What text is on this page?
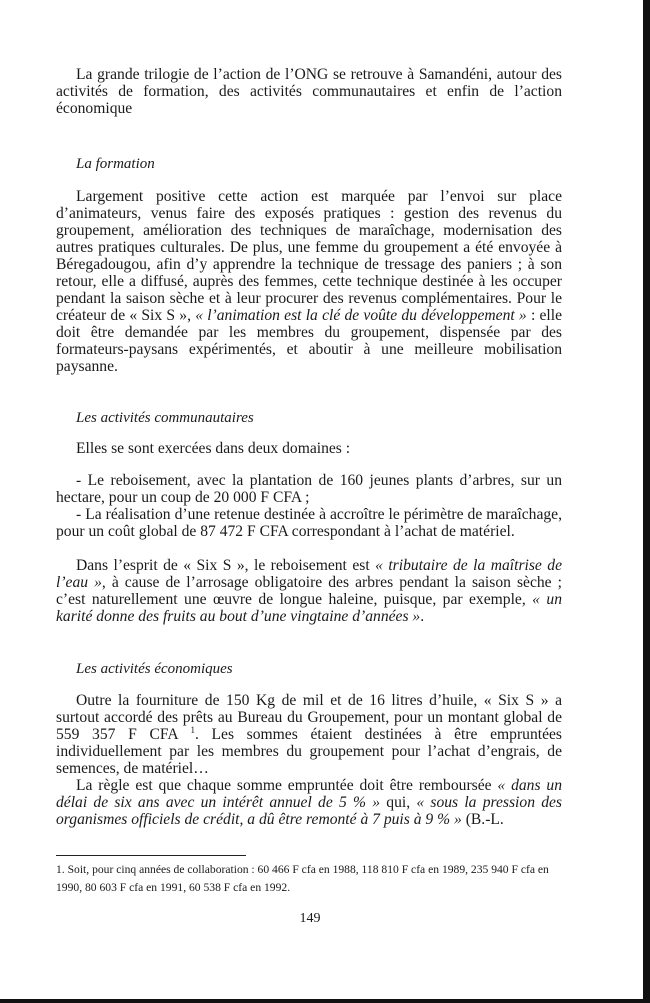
La grande trilogie de l’action de l’ONG se retrouve à Samandéni, autour des activités de formation, des activités communautaires et enfin de l’action économique

La formation

Largement positive cette action est marquée par l’envoi sur place d’animateurs, venus faire des exposés pratiques : gestion des revenus du groupement, amélioration des techniques de maraîchage, modernisation des autres pratiques culturales. De plus, une femme du groupement a été envoyée à Béregadougou, afin d’y apprendre la technique de tressage des paniers ; à son retour, elle a diffusé, auprès des femmes, cette technique destinée à les occuper pendant la saison sèche et à leur procurer des revenus complémentaires. Pour le créateur de « Six S », « l’animation est la clé de voûte du développement » : elle doit être demandée par les membres du groupement, dispensée par des formateurs-paysans expérimentés, et aboutir à une meilleure mobilisation paysanne.

Les activités communautaires

Elles se sont exercées dans deux domaines :

- Le reboisement, avec la plantation de 160 jeunes plants d’arbres, sur un hectare, pour un coup de 20 000 F CFA ;

- La réalisation d’une retenue destinée à accroître le périmètre de maraîchage, pour un coût global de 87 472 F CFA correspondant à l’achat de matériel.

Dans l’esprit de « Six S », le reboisement est « tributaire de la maîtrise de l’eau », à cause de l’arrosage obligatoire des arbres pendant la saison sèche ; c’est naturellement une œuvre de longue haleine, puisque, par exemple, « un karité donne des fruits au bout d’une vingtaine d’années ».

Les activités économiques

Outre la fourniture de 150 Kg de mil et de 16 litres d’huile, « Six S » a surtout accordé des prêts au Bureau du Groupement, pour un montant global de 559 357 F CFA $^1$. Les sommes étaient destinées à être empruntées individuellement par les membres du groupement pour l’achat d’engrais, de semences, de matériel…

La règle est que chaque somme empruntée doit être remboursée « dans un délai de six ans avec un intérêt annuel de 5 % » qui, « sous la pression des organismes officiels de crédit, a dû être remonté à 7 puis à 9 % » (B.-L.

1. Soit, pour cinq années de collaboration : 60 466 F cfa en 1988, 118 810 F cfa en 1989, 235 940 F cfa en 1990, 80 603 F cfa en 1991, 60 538 F cfa en 1992.

149
